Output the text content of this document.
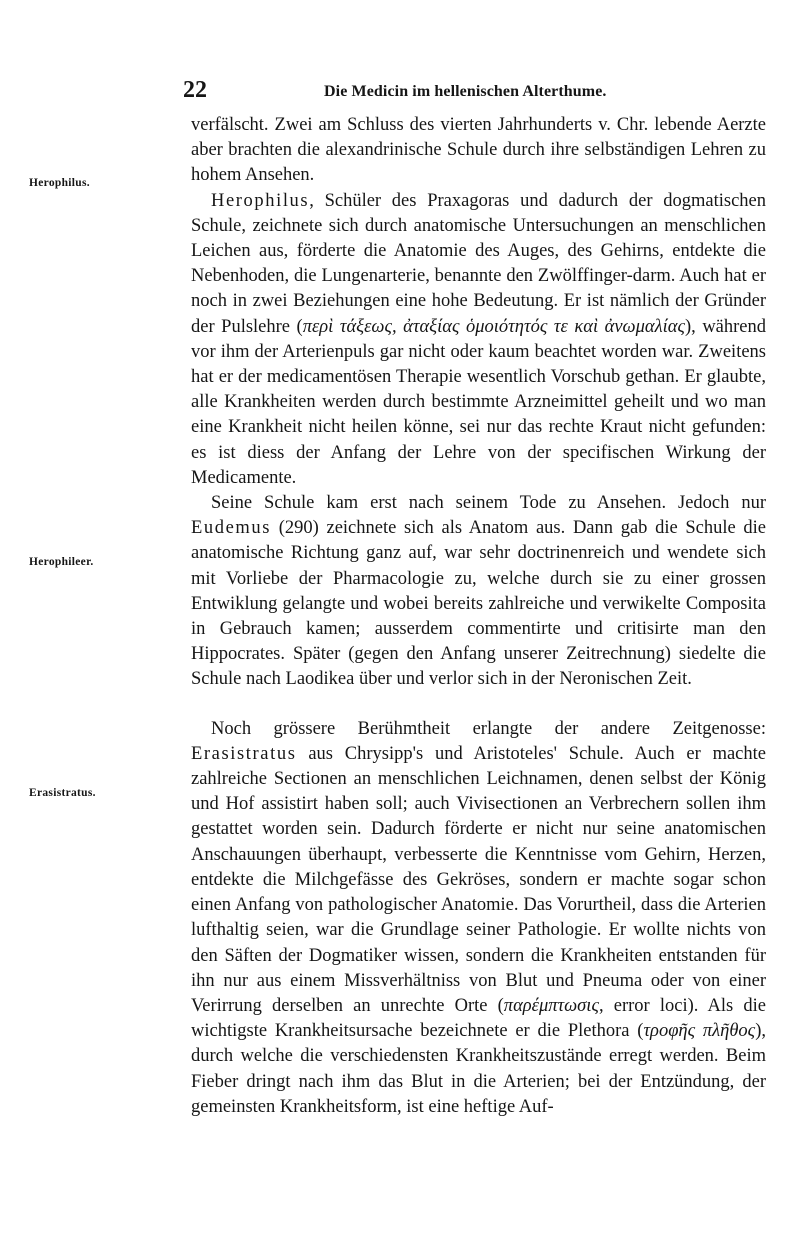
22	Die Medicin im hellenischen Alterthume.
Herophilus.
Herophileer.
Erasistratus.

verfälscht. Zwei am Schluss des vierten Jahrhunderts v. Chr. lebende Aerzte aber brachten die alexandrinische Schule durch ihre selbständigen Lehren zu hohem Ansehen.

Herophilus, Schüler des Praxagoras und dadurch der dogmatischen Schule, zeichnete sich durch anatomische Untersuchungen an menschlichen Leichen aus, förderte die Anatomie des Auges, des Gehirns, entdekte die Nebenhoden, die Lungenarterie, benannte den Zwölffinger-darm. Auch hat er noch in zwei Beziehungen eine hohe Bedeutung. Er ist nämlich der Gründer der Pulslehre (περὶ τάξεως, ἀταξίας ὁμοιότητός τε καὶ ἀνωμαλίας), während vor ihm der Arterienpuls gar nicht oder kaum beachtet worden war. Zweitens hat er der medicamentösen Therapie wesentlich Vorschub gethan. Er glaubte, alle Krankheiten werden durch bestimmte Arzneimittel geheilt und wo man eine Krankheit nicht heilen könne, sei nur das rechte Kraut nicht gefunden: es ist diess der Anfang der Lehre von der specifischen Wirkung der Medicamente.

Seine Schule kam erst nach seinem Tode zu Ansehen. Jedoch nur Eudemus (290) zeichnete sich als Anatom aus. Dann gab die Schule die anatomische Richtung ganz auf, war sehr doctrinenreich und wendete sich mit Vorliebe der Pharmacologie zu, welche durch sie zu einer grossen Entwiklung gelangte und wobei bereits zahlreiche und verwikelte Composita in Gebrauch kamen; ausserdem commentirte und critisirte man den Hippocrates. Später (gegen den Anfang unserer Zeitrechnung) siedelte die Schule nach Laodikea über und verlor sich in der Neronischen Zeit.

Noch grössere Berühmtheit erlangte der andere Zeitgenosse: Erasistratus aus Chrysipp's und Aristoteles' Schule. Auch er machte zahlreiche Sectionen an menschlichen Leichnamen, denen selbst der König und Hof assistirt haben soll; auch Vivisectionen an Verbrechern sollen ihm gestattet worden sein. Dadurch förderte er nicht nur seine anatomischen Anschauungen überhaupt, verbesserte die Kenntnisse vom Gehirn, Herzen, entdekte die Milchgefässe des Gekröses, sondern er machte sogar schon einen Anfang von pathologischer Anatomie. Das Vorurtheil, dass die Arterien lufthaltig seien, war die Grundlage seiner Pathologie. Er wollte nichts von den Säften der Dogmatiker wissen, sondern die Krankheiten entstanden für ihn nur aus einem Missverhältniss von Blut und Pneuma oder von einer Verirrung derselben an unrechte Orte (παρέμπτωσις, error loci). Als die wichtigste Krankheitsursache bezeichnete er die Plethora (τροφῆς πλῆθος), durch welche die verschiedensten Krankheitszustände erregt werden. Beim Fieber dringt nach ihm das Blut in die Arterien; bei der Entzündung, der gemeinsten Krankheitsform, ist eine heftige Auf-
